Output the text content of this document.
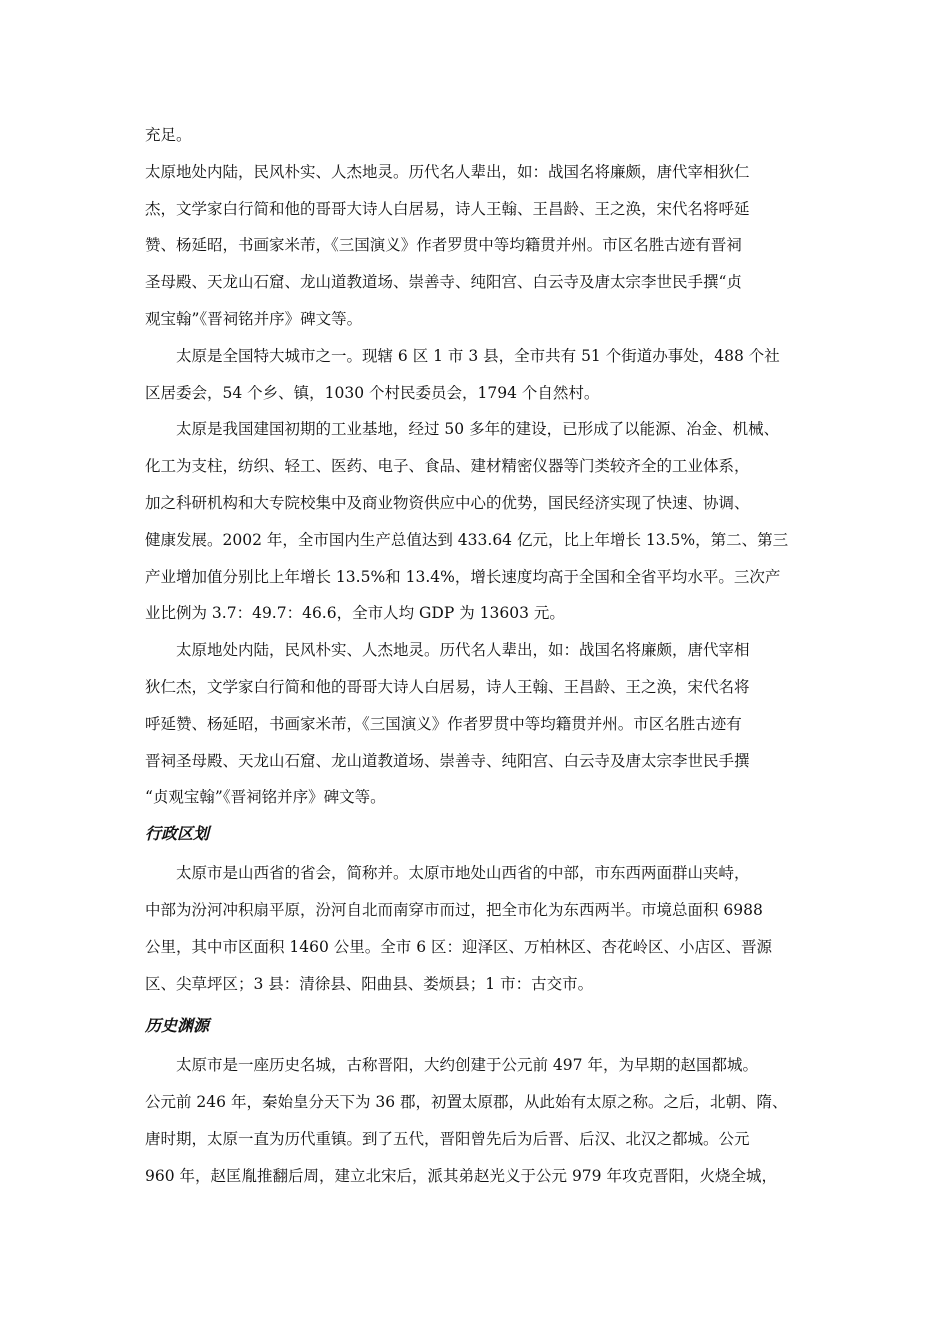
充足。

太原地处内陆，民风朴实、人杰地灵。历代名人辈出，如：战国名将廉颇，唐代宰相狄仁
杰，文学家白行简和他的哥哥大诗人白居易，诗人王翰、王昌龄、王之涣，宋代名将呼延
赞、杨延昭，书画家米芾，《三国演义》作者罗贯中等均籍贯并州。市区名胜古迹有晋祠
圣母殿、天龙山石窟、龙山道教道场、崇善寺、纯阳宫、白云寺及唐太宗李世民手撰“贞
观宝翰”《晋祠铭并序》碑文等。

　　太原是全国特大城市之一。现辖 6 区 1 市 3 县，全市共有 51 个街道办事处，488 个社
区居委会，54 个乡、镇，1030 个村民委员会，1794 个自然村。

　　太原是我国建国初期的工业基地，经过 50 多年的建设，已形成了以能源、冶金、机械、
化工为支柱，纺织、轻工、医药、电子、食品、建材精密仪器等门类较齐全的工业体系，
加之科研机构和大专院校集中及商业物资供应中心的优势，国民经济实现了快速、协调、
健康发展。2002 年，全市国内生产总值达到 433.64 亿元，比上年增长 13.5%，第二、第三
产业增加值分别比上年增长 13.5%和 13.4%，增长速度均高于全国和全省平均水平。三次产
业比例为 3.7：49.7：46.6，全市人均 GDP 为 13603 元。

　　太原地处内陆，民风朴实、人杰地灵。历代名人辈出，如：战国名将廉颇，唐代宰相
狄仁杰，文学家白行简和他的哥哥大诗人白居易，诗人王翰、王昌龄、王之涣，宋代名将
呼延赞、杨延昭，书画家米芾，《三国演义》作者罗贯中等均籍贯并州。市区名胜古迹有
晋祠圣母殿、天龙山石窟、龙山道教道场、崇善寺、纯阳宫、白云寺及唐太宗李世民手撰
“贞观宝翰”《晋祠铭并序》碑文等。

行政区划

　　太原市是山西省的省会，简称并。太原市地处山西省的中部，市东西两面群山夹峙，
中部为汾河冲积扇平原，汾河自北而南穿市而过，把全市化为东西两半。市境总面积 6988
公里，其中市区面积 1460 公里。全市 6 区：迎泽区、万柏林区、杏花岭区、小店区、晋源
区、尖草坪区；3 县：清徐县、阳曲县、娄烦县；1 市：古交市。

历史渊源

　　太原市是一座历史名城，古称晋阳，大约创建于公元前 497 年，为早期的赵国都城。
公元前 246 年，秦始皇分天下为 36 郡，初置太原郡，从此始有太原之称。之后，北朝、隋、
唐时期，太原一直为历代重镇。到了五代，晋阳曾先后为后晋、后汉、北汉之都城。公元
960 年，赵匡胤推翻后周，建立北宋后，派其弟赵光义于公元 979 年攻克晋阳，火烧全城，
